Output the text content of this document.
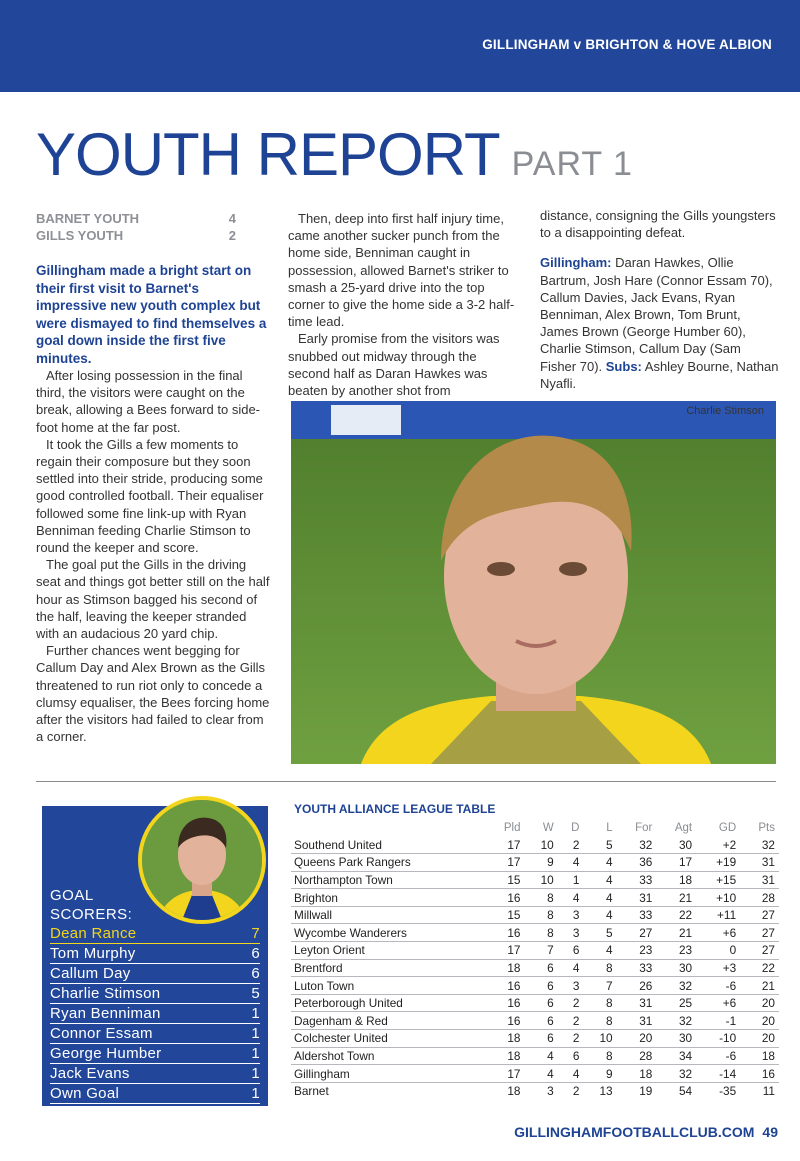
GILLINGHAM v BRIGHTON & HOVE ALBION
YOUTH REPORT PART 1
BARNET YOUTH	4
GILLS YOUTH	2
Gillingham made a bright start on their first visit to Barnet's impressive new youth complex but were dismayed to find themselves a goal down inside the first five minutes.

After losing possession in the final third, the visitors were caught on the break, allowing a Bees forward to side-foot home at the far post.

It took the Gills a few moments to regain their composure but they soon settled into their stride, producing some good controlled football. Their equaliser followed some fine link-up with Ryan Benniman feeding Charlie Stimson to round the keeper and score.

The goal put the Gills in the driving seat and things got better still on the half hour as Stimson bagged his second of the half, leaving the keeper stranded with an audacious 20 yard chip.

Further chances went begging for Callum Day and Alex Brown as the Gills threatened to run riot only to concede a clumsy equaliser, the Bees forcing home after the visitors had failed to clear from a corner.

Then, deep into first half injury time, came another sucker punch from the home side, Benniman caught in possession, allowed Barnet's striker to smash a 25-yard drive into the top corner to give the home side a 3-2 half-time lead.

Early promise from the visitors was snubbed out midway through the second half as Daran Hawkes was beaten by another shot from

distance, consigning the Gills youngsters to a disappointing defeat.

Gillingham: Daran Hawkes, Ollie Bartrum, Josh Hare (Connor Essam 70), Callum Davies, Jack Evans, Ryan Benniman, Alex Brown, Tom Brunt, James Brown (George Humber 60), Charlie Stimson, Callum Day (Sam Fisher 70). Subs: Ashley Bourne, Nathan Nyafli.

Charlie Stimson
GOAL
SCORERS:
Dean Rance	7
Tom Murphy	6
Callum Day	6
Charlie Stimson	5
Ryan Benniman	1
Connor Essam	1
George Humber	1
Jack Evans	1
Own Goal	1
YOUTH ALLIANCE LEAGUE TABLE
	Pld	W	D	L	For	Agt	GD	Pts
Southend United	17	10	2	5	32	30	+2	32
Queens Park Rangers	17	9	4	4	36	17	+19	31
Northampton Town	15	10	1	4	33	18	+15	31
Brighton	16	8	4	4	31	21	+10	28
Millwall	15	8	3	4	33	22	+11	27
Wycombe Wanderers	16	8	3	5	27	21	+6	27
Leyton Orient	17	7	6	4	23	23	0	27
Brentford	18	6	4	8	33	30	+3	22
Luton Town	16	6	3	7	26	32	-6	21
Peterborough United	16	6	2	8	31	25	+6	20
Dagenham & Red	16	6	2	8	31	32	-1	20
Colchester United	18	6	2	10	20	30	-10	20
Aldershot Town	18	4	6	8	28	34	-6	18
Gillingham	17	4	4	9	18	32	-14	16
Barnet	18	3	2	13	19	54	-35	11
GILLINGHAMFOOTBALLCLUB.COM 49
